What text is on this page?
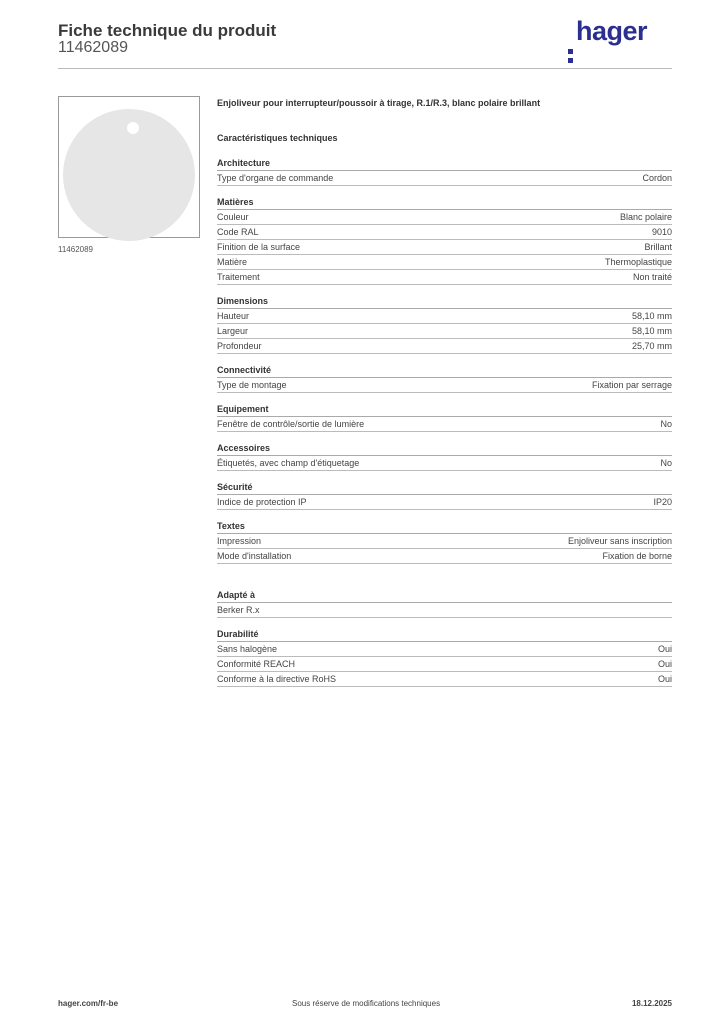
Fiche technique du produit
11462089
hager
11462089
Enjoliveur pour interrupteur/poussoir à tirage, R.1/R.3, blanc polaire brillant
Caractéristiques techniques
Architecture
Type d'organe de commande	Cordon
Matières
Couleur	Blanc polaire
Code RAL	9010
Finition de la surface	Brillant
Matière	Thermoplastique
Traitement	Non traité
Dimensions
Hauteur	58,10 mm
Largeur	58,10 mm
Profondeur	25,70 mm
Connectivité
Type de montage	Fixation par serrage
Equipement
Fenêtre de contrôle/sortie de lumière	No
Accessoires
Étiquetés, avec champ d'étiquetage	No
Sécurité
Indice de protection IP	IP20
Textes
Impression	Enjoliveur sans inscription
Mode d'installation	Fixation de borne
Adapté à
Berker R.x
Durabilité
Sans halogène	Oui
Conformité REACH	Oui
Conforme à la directive RoHS	Oui
hager.com/fr-be	Sous réserve de modifications techniques	18.12.2025
